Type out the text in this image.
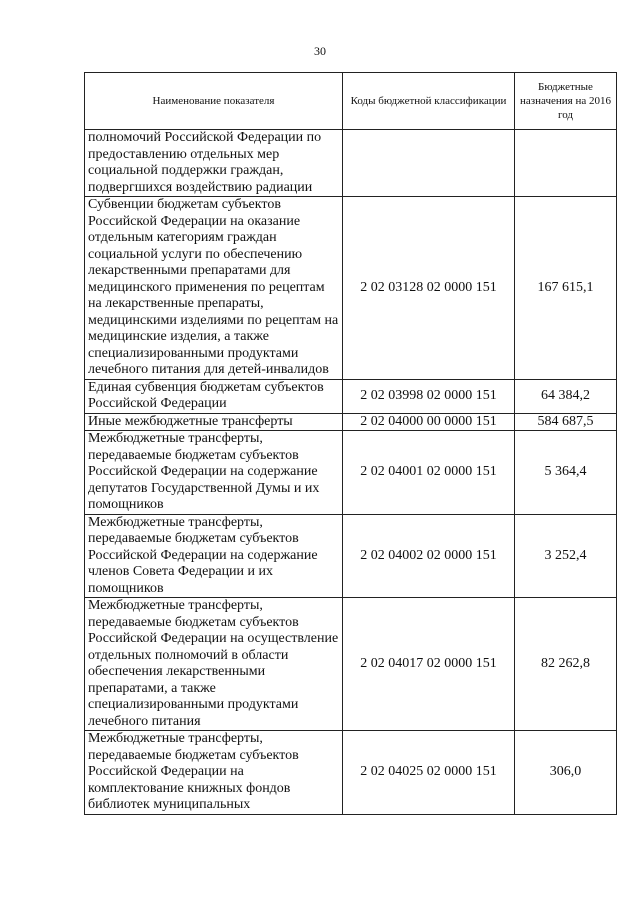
30
Наименование показателя	Коды бюджетной классификации	Бюджетные назначения на 2016 год
полномочий Российской Федерации по предоставлению отдельных мер социальной поддержки граждан, подвергшихся воздействию радиации		
Субвенции бюджетам субъектов Российской Федерации на оказание отдельным категориям граждан социальной услуги по обеспечению лекарственными препаратами для медицинского применения по рецептам на лекарственные препараты, медицинскими изделиями по рецептам на медицинские изделия, а также специализированными продуктами лечебного питания для детей-инвалидов	2 02 03128 02 0000 151	167 615,1
Единая субвенция бюджетам субъектов Российской Федерации	2 02 03998 02 0000 151	64 384,2
Иные межбюджетные трансферты	2 02 04000 00 0000 151	584 687,5
Межбюджетные трансферты, передаваемые бюджетам субъектов Российской Федерации на содержание депутатов Государственной Думы и их помощников	2 02 04001 02 0000 151	5 364,4
Межбюджетные трансферты, передаваемые бюджетам субъектов Российской Федерации на содержание членов Совета Федерации и их помощников	2 02 04002 02 0000 151	3 252,4
Межбюджетные трансферты, передаваемые бюджетам субъектов Российской Федерации на осуществление отдельных полномочий в области обеспечения лекарственными препаратами, а также специализированными продуктами лечебного питания	2 02 04017 02 0000 151	82 262,8
Межбюджетные трансферты, передаваемые бюджетам субъектов Российской Федерации на комплектование книжных фондов библиотек муниципальных	2 02 04025 02 0000 151	306,0
